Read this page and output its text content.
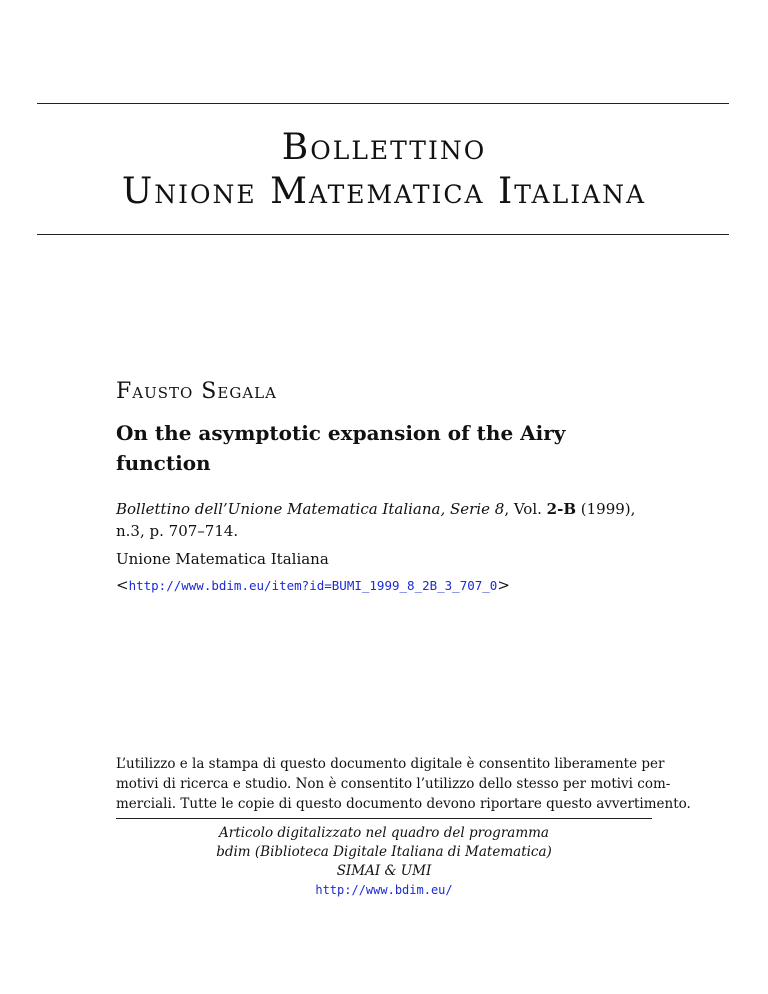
Bollettino
Unione Matematica Italiana
Fausto Segala
On the asymptotic expansion of the Airy
function
Bollettino dell’Unione Matematica Italiana, Serie 8, Vol. 2-B (1999),
n.3, p. 707–714.
Unione Matematica Italiana
<http://www.bdim.eu/item?id=BUMI_1999_8_2B_3_707_0>
L’utilizzo e la stampa di questo documento digitale è consentito liberamente per
motivi di ricerca e studio. Non è consentito l’utilizzo dello stesso per motivi com-
merciali. Tutte le copie di questo documento devono riportare questo avvertimento.
Articolo digitalizzato nel quadro del programma
bdim (Biblioteca Digitale Italiana di Matematica)
SIMAI & UMI
http://www.bdim.eu/
